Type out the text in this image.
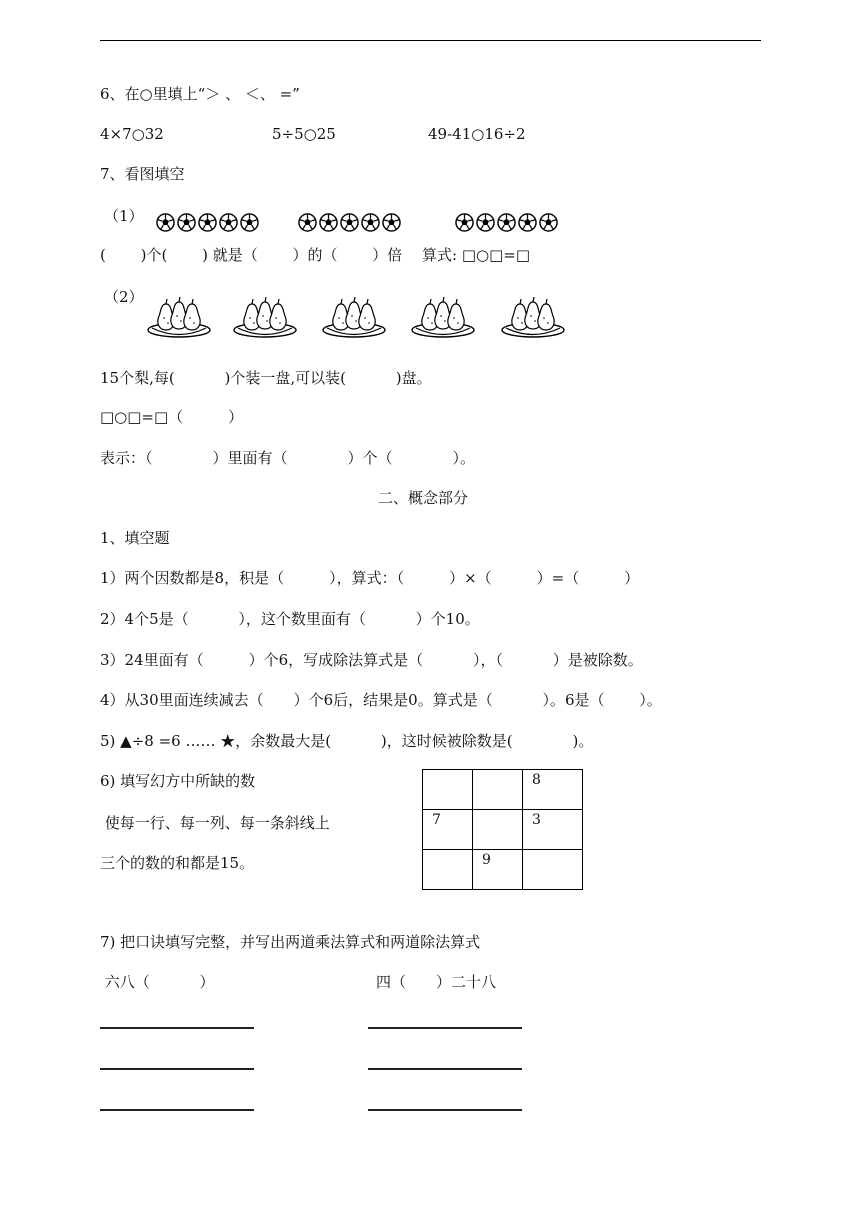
6、在○里填上“＞ 、 ＜、 =”
4×7○32	5÷5○25	49-41○16÷2
7、看图填空
（1）
(　　 )个(　　 ) 就是（　　 ）的（　　 ）倍　 算式: □○□=□
（2）
15个梨,每(　　 　)个装一盘,可以装(　　　 )盘。
□○□=□（　　　）
表示：（　　　　）里面有（　　　　）个（　　　　）。
二、概念部分
1、填空题
1）两个因数都是8，积是（　　　），算式：（　　　）×（　　　）=（　　　）
2）4个5是（　　　 ），这个数里面有（　　　 ）个10。
3）24里面有（　　　）个6，写成除法算式是（　　　 ），（　　　 ）是被除数。
4）从30里面连续减去（　　）个6后，结果是0。算式是（　　　 ）。6是（　　 ）。
5) ▲÷8 =6 …… ★，余数最大是(　　　 )，这时候被除数是(　　　　)。
6) 填写幻方中所缺的数
使每一行、每一列、每一条斜线上
三个的数的和都是15。
		8
7		3
	9	
7) 把口诀填写完整，并写出两道乘法算式和两道除法算式
六八（　　　 ）	四（　　）二十八
